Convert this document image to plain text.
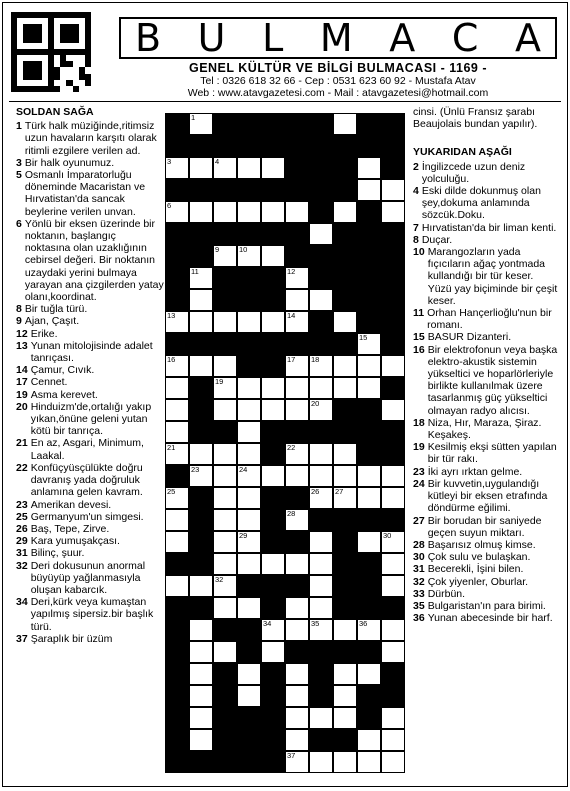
B U L M A C A
GENEL KÜLTÜR VE BİLGİ BULMACASI - 1169 -
Tel : 0326 618 32 66 - Cep : 0531 623 60 92 - Mustafa Atav
Web : www.atavgazetesi.com - Mail : atavgazetesi@hotmail.com
SOLDAN SAĞA
1 Türk halk müziğinde,ritimsiz uzun havaların karşıtı olarak ritimli ezgilere verilen ad.
3 Bir halk oyunumuz.
5 Osmanlı İmparatorluğu döneminde Macaristan ve Hırvatistan'da sancak beylerine verilen unvan.
6 Yönlü bir eksen üzerinde bir noktanın, başlangıç noktasına olan uzaklığının cebirsel değeri. Bir noktanın uzaydaki yerini bulmaya yarayan ana çizgilerden yatay olanı,koordinat.
8 Bir tuğla türü.
9 Ajan, Çaşıt.
12 Erike.
13 Yunan mitolojisinde adalet tanrıçası.
14 Çamur, Cıvık.
17 Cennet.
19 Asma kerevet.
20 Hinduizm'de,ortalığı yakıp yıkan,önüne geleni yutan kötü bir tanrıça.
21 En az, Asgari, Minimum, Laakal.
22 Konfüçyüsçülükte doğru davranış yada doğruluk anlamına gelen kavram.
23 Amerikan devesi.
25 Germanyum'un simgesi.
26 Baş, Tepe, Zirve.
29 Kara yumuşakçası.
31 Bilinç, şuur.
32 Deri dokusunun anormal büyüyüp yağlanmasıyla oluşan kabarcık.
34 Deri,kürk veya kumaştan yapılmış sipersiz.bir başlık türü.
37 Şaraplık bir üzüm
1
3	4
6
9	10
11	12
13	14
15
16	17 18
19
20
21	22
23	24
25	26 27
28
29	30
32
34	35	36
37
cinsi. (Ünlü Fransız şarabı Beaujolais bundan yapılır).
YUKARIDAN AŞAĞI
2 İngilizcede uzun deniz yolculuğu.
4 Eski dilde dokunmuş olan şey,dokuma anlamında sözcük.Doku.
7 Hırvatistan'da bir liman kenti.
8 Duçar.
10 Marangozların yada fıçıcıların ağaç yontmada kullandığı bir tür keser. Yüzü yay biçiminde bir çeşit keser.
11 Orhan Hançerlioğlu'nun bir romanı.
15 BASUR Dizanteri.
16 Bir elektrofonun veya başka elektro-akustik sistemin yükseltici ve hoparlörleriyle birlikte kullanılmak üzere tasarlanmış güç yükseltici olmayan radyo alıcısı.
18 Niza, Hır, Maraza, Şiraz. Keşakeş.
19 Kesilmiş ekşi sütten yapılan bir tür rakı.
23 İki ayrı ırktan gelme.
24 Bir kuvvetin,uygulandığı kütleyi bir eksen etrafında döndürme eğilimi.
27 Bir borudan bir saniyede geçen suyun miktarı.
28 Başarısız olmuş kimse.
30 Çok sulu ve bulaşkan.
31 Becerekli, İşini bilen.
32 Çok yiyenler, Oburlar.
33 Dürbün.
35 Bulgaristan'ın para birimi.
36 Yunan abecesinde bir harf.
